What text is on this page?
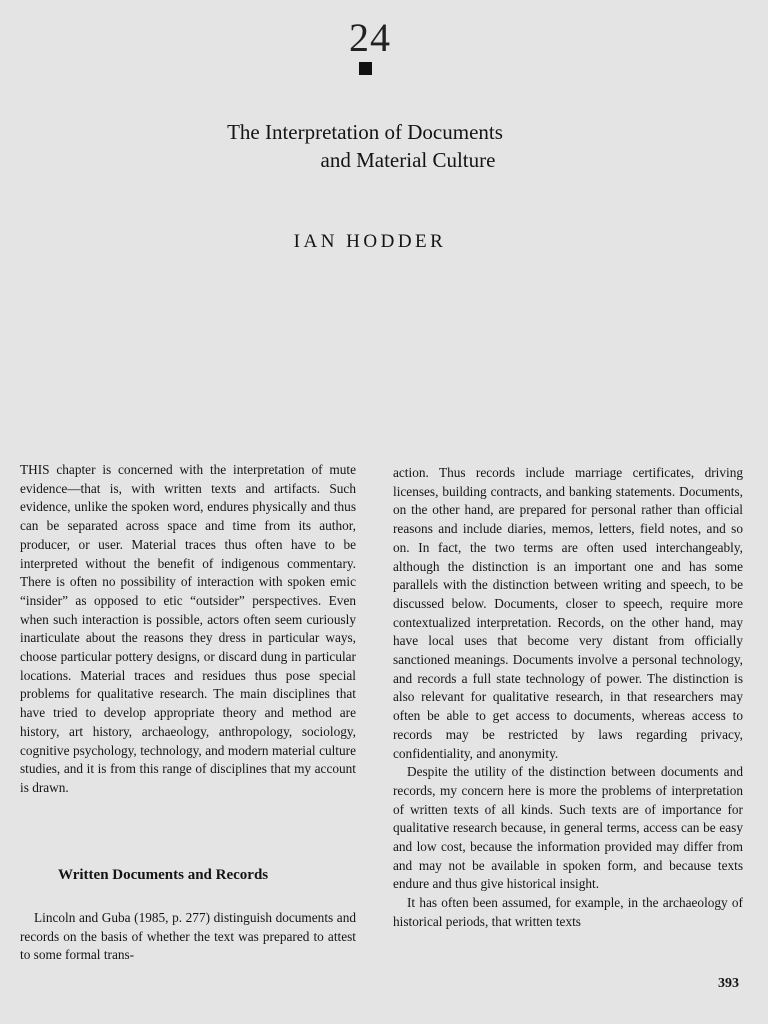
24
The Interpretation of Documents
and Material Culture
IAN HODDER

THIS chapter is concerned with the interpretation of mute evidence—that is, with written texts and artifacts. Such evidence, unlike the spoken word, endures physically and thus can be separated across space and time from its author, producer, or user. Material traces thus often have to be interpreted without the benefit of indigenous commentary. There is often no possibility of interaction with spoken emic “insider” as opposed to etic “outsider” perspectives. Even when such interaction is possible, actors often seem curiously inarticulate about the reasons they dress in particular ways, choose particular pottery designs, or discard dung in particular locations. Material traces and residues thus pose special problems for qualitative research. The main disciplines that have tried to develop appropriate theory and method are history, art history, archaeology, anthropology, sociology, cognitive psychology, technology, and modern material culture studies, and it is from this range of disciplines that my account is drawn.

Written Documents and Records

Lincoln and Guba (1985, p. 277) distinguish documents and records on the basis of whether the text was prepared to attest to some formal trans-

action. Thus records include marriage certificates, driving licenses, building contracts, and banking statements. Documents, on the other hand, are prepared for personal rather than official reasons and include diaries, memos, letters, field notes, and so on. In fact, the two terms are often used interchangeably, although the distinction is an important one and has some parallels with the distinction between writing and speech, to be discussed below. Documents, closer to speech, require more contextualized interpretation. Records, on the other hand, may have local uses that become very distant from officially sanctioned meanings. Documents involve a personal technology, and records a full state technology of power. The distinction is also relevant for qualitative research, in that researchers may often be able to get access to documents, whereas access to records may be restricted by laws regarding privacy, confidentiality, and anonymity.

Despite the utility of the distinction between documents and records, my concern here is more the problems of interpretation of written texts of all kinds. Such texts are of importance for qualitative research because, in general terms, access can be easy and low cost, because the information provided may differ from and may not be available in spoken form, and because texts endure and thus give historical insight.

It has often been assumed, for example, in the archaeology of historical periods, that written texts

393
